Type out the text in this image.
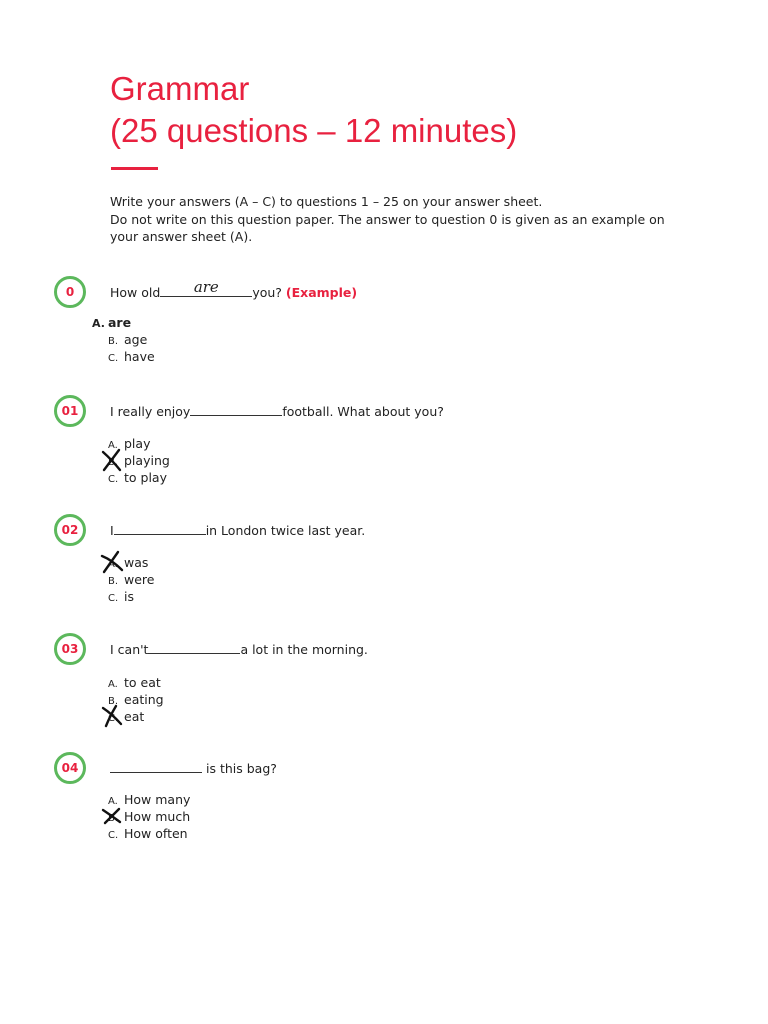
Grammar
(25 questions – 12 minutes)
Write your answers (A – C) to questions 1 – 25 on your answer sheet.
Do not write on this question paper. The answer to question 0 is given as an example on
your answer sheet (A).
0	How old	are	you? (Example)
A. are
B. age
C. have
01	I really enjoy	football. What about you?
A. play
B. playing
C. to play
02	I	in London twice last year.
A. was
B. were
C. is
03	I can't	a lot in the morning.
A. to eat
B. eating
C. eat
04	is this bag?
A. How many
B. How much
C. How often
